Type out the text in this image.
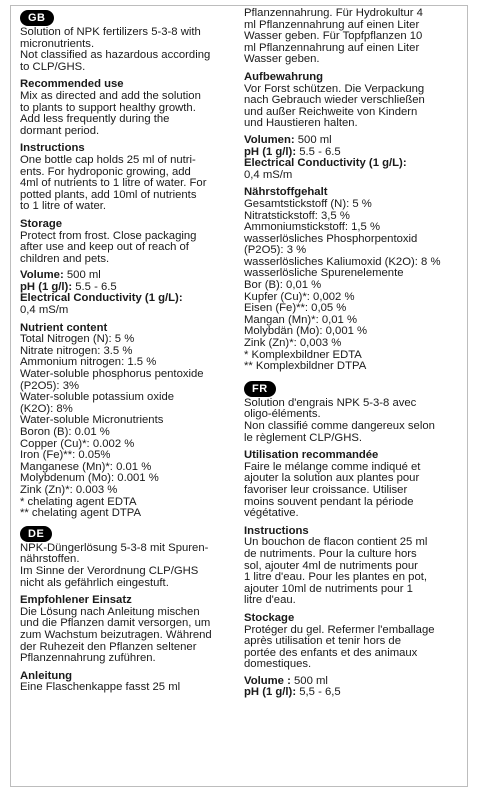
GB
Solution of NPK fertilizers 5-3-8 with
micronutrients.
Not classified as hazardous according
to CLP/GHS.
Recommended use
Mix as directed and add the solution
to plants to support healthy growth.
Add less frequently during the
dormant period.
Instructions
One bottle cap holds 25 ml of nutri-
ents. For hydroponic growing, add
4ml of nutrients to 1 litre of water. For
potted plants, add 10ml of nutrients
to 1 litre of water.
Storage
Protect from frost. Close packaging
after use and keep out of reach of
children and pets.
Volume: 500 ml
pH (1 g/l): 5.5 - 6.5
Electrical Conductivity (1 g/L):
0,4 mS/m
Nutrient content
Total Nitrogen (N): 5 %
Nitrate nitrogen: 3.5 %
Ammonium nitrogen: 1.5 %
Water-soluble phosphorus pentoxide
(P2O5): 3%
Water-soluble potassium oxide
(K2O): 8%
Water-soluble Micronutrients
Boron (B): 0.01 %
Copper (Cu)*: 0.002 %
Iron (Fe)**: 0.05%
Manganese (Mn)*: 0.01 %
Molybdenum (Mo): 0.001 %
Zink (Zn)*: 0.003 %
* chelating agent EDTA
** chelating agent DTPA
DE
NPK-Düngerlösung 5-3-8 mit Spuren-
nährstoffen.
Im Sinne der Verordnung CLP/GHS
nicht als gefährlich eingestuft.
Empfohlener Einsatz
Die Lösung nach Anleitung mischen
und die Pflanzen damit versorgen, um
zum Wachstum beizutragen. Während
der Ruhezeit den Pflanzen seltener
Pflanzennahrung zuführen.
Anleitung
Eine Flaschenkappe fasst 25 ml
Pflanzennahrung. Für Hydrokultur 4
ml Pflanzennahrung auf einen Liter
Wasser geben. Für Topfpflanzen 10
ml Pflanzennahrung auf einen Liter
Wasser geben.
Aufbewahrung
Vor Forst schützen. Die Verpackung
nach Gebrauch wieder verschließen
und außer Reichweite von Kindern
und Haustieren halten.
Volumen: 500 ml
pH (1 g/l): 5.5 - 6.5
Electrical Conductivity (1 g/L):
0,4 mS/m
Nährstoffgehalt
Gesamtstickstoff (N): 5 %
Nitratstickstoff: 3,5 %
Ammoniumstickstoff: 1,5 %
wasserlösliches Phosphorpentoxid
(P2O5): 3 %
wasserlösliches Kaliumoxid (K2O): 8 %
wasserlösliche Spurenelemente
Bor (B): 0,01 %
Kupfer (Cu)*: 0,002 %
Eisen (Fe)**: 0,05 %
Mangan (Mn)*: 0,01 %
Molybdän (Mo): 0,001 %
Zink (Zn)*: 0,003 %
* Komplexbildner EDTA
** Komplexbildner DTPA
FR
Solution d'engrais NPK 5-3-8 avec
oligo-éléments.
Non classifié comme dangereux selon
le règlement CLP/GHS.
Utilisation recommandée
Faire le mélange comme indiqué et
ajouter la solution aux plantes pour
favoriser leur croissance. Utiliser
moins souvent pendant la période
végétative.
Instructions
Un bouchon de flacon contient 25 ml
de nutriments. Pour la culture hors
sol, ajouter 4ml de nutriments pour
1 litre d'eau. Pour les plantes en pot,
ajouter 10ml de nutriments pour 1
litre d'eau.
Stockage
Protéger du gel. Refermer l'emballage
après utilisation et tenir hors de
portée des enfants et des animaux
domestiques.
Volume : 500 ml
pH (1 g/l): 5,5 - 6,5
